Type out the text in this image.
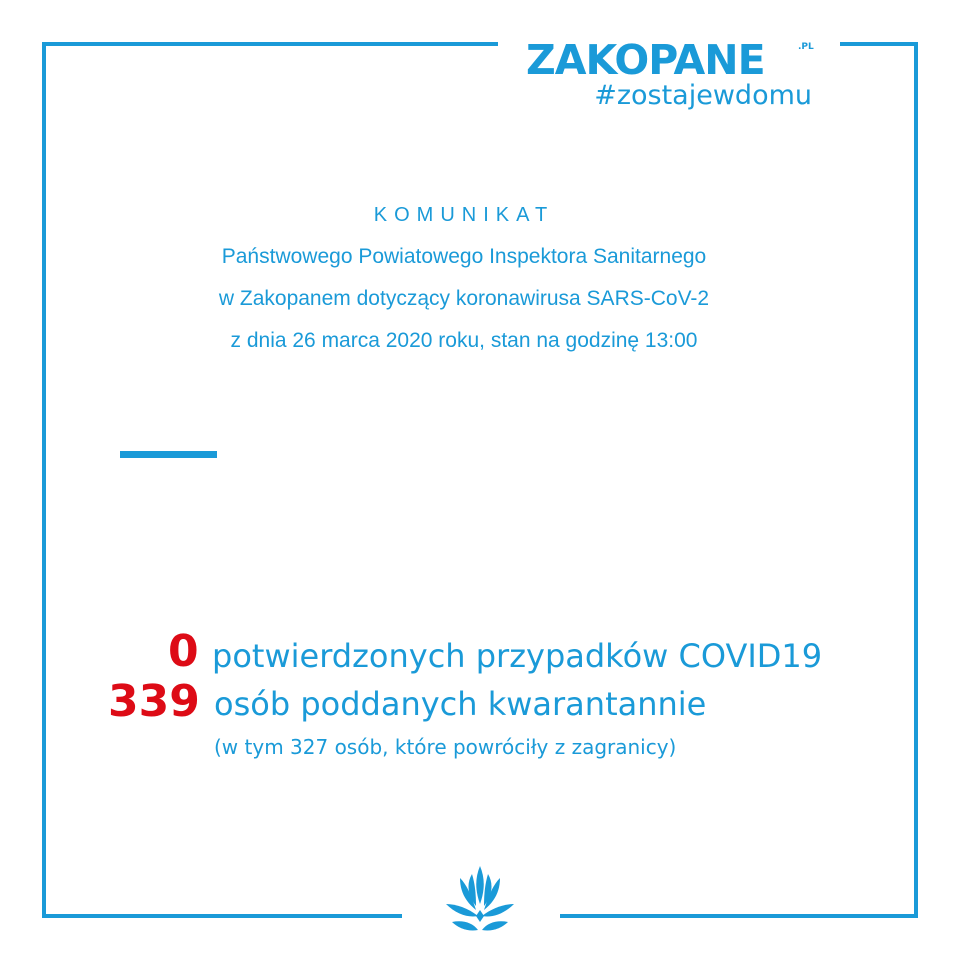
ZAKOPANE	.PL
#zostajewdomu
KOMUNIKAT
Państwowego Powiatowego Inspektora Sanitarnego
w Zakopanem dotyczący koronawirusa SARS-CoV-2
z dnia 26 marca 2020 roku, stan na godzinę 13:00
0 potwierdzonych przypadków COVID19
339 osób poddanych kwarantannie
(w tym 327 osób, które powróciły z zagranicy)
